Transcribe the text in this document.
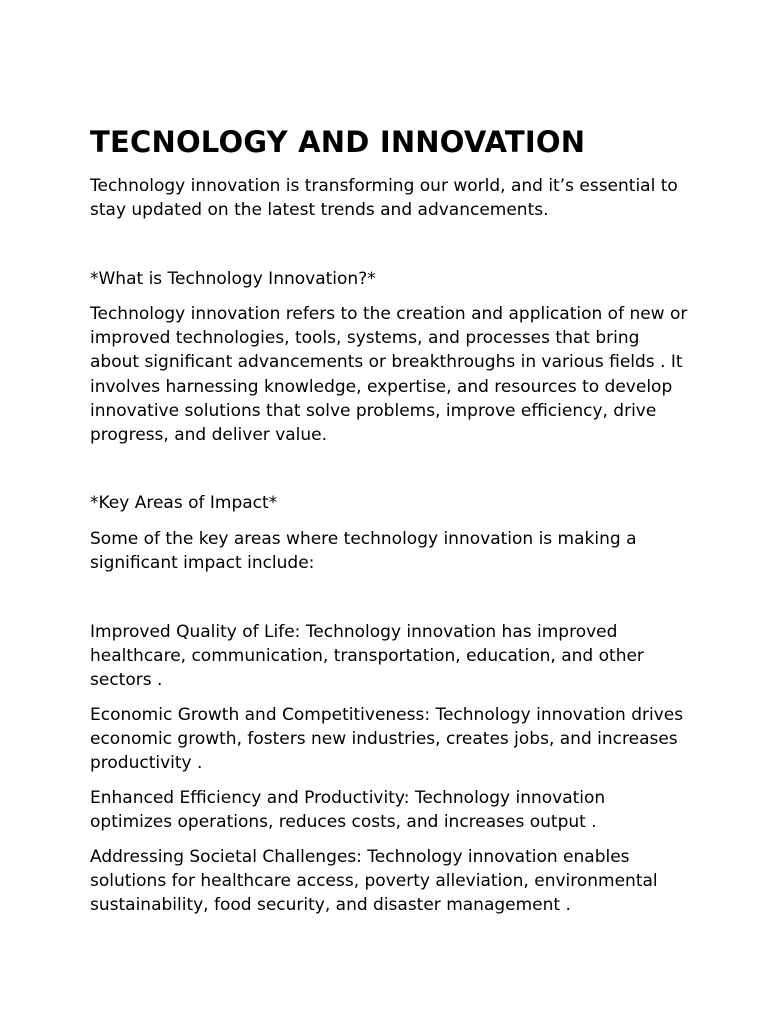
TECNOLOGY AND INNOVATION

Technology innovation is transforming our world, and it’s essential to stay updated on the latest trends and advancements.

*What is Technology Innovation?*

Technology innovation refers to the creation and application of new or improved technologies, tools, systems, and processes that bring about significant advancements or breakthroughs in various fields . It involves harnessing knowledge, expertise, and resources to develop innovative solutions that solve problems, improve efficiency, drive progress, and deliver value.

*Key Areas of Impact*

Some of the key areas where technology innovation is making a significant impact include:

Improved Quality of Life: Technology innovation has improved healthcare, communication, transportation, education, and other sectors .

Economic Growth and Competitiveness: Technology innovation drives economic growth, fosters new industries, creates jobs, and increases productivity .

Enhanced Efficiency and Productivity: Technology innovation optimizes operations, reduces costs, and increases output .

Addressing Societal Challenges: Technology innovation enables solutions for healthcare access, poverty alleviation, environmental sustainability, food security, and disaster management .
